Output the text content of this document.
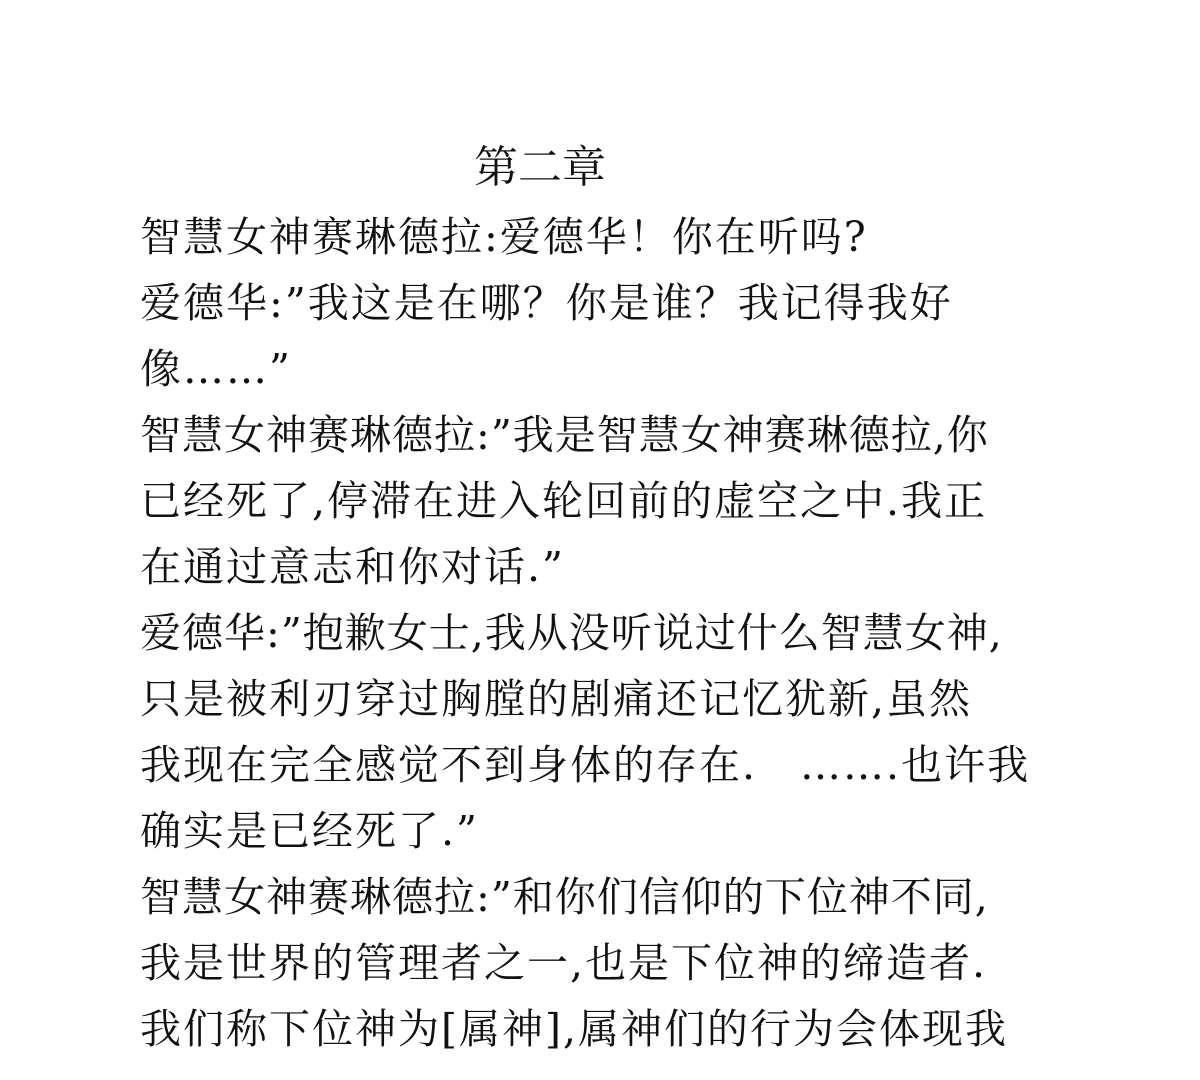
第二章
智慧女神赛琳德拉:爱德华！你在听吗?
爱德华:”我这是在哪？你是谁？我记得我好
像……”
智慧女神赛琳德拉:”我是智慧女神赛琳德拉,你
已经死了,停滞在进入轮回前的虚空之中.我正
在通过意志和你对话.”
爱德华:”抱歉女士,我从没听说过什么智慧女神,
只是被利刃穿过胸膛的剧痛还记忆犹新,虽然
我现在完全感觉不到身体的存在.　…….也许我
确实是已经死了.”
智慧女神赛琳德拉:”和你们信仰的下位神不同,
我是世界的管理者之一,也是下位神的缔造者.
我们称下位神为[属神],属神们的行为会体现我
